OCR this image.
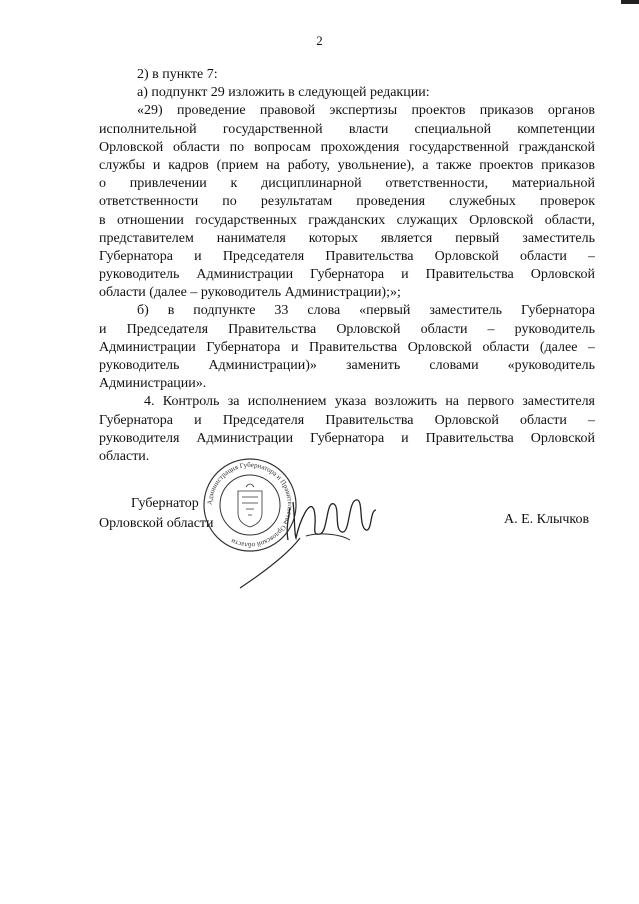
2
2) в пункте 7:
а) подпункт 29 изложить в следующей редакции:
«29) проведение правовой экспертизы проектов приказов органов
исполнительной государственной власти специальной компетенции
Орловской области по вопросам прохождения государственной гражданской
службы и кадров (прием на работу, увольнение), а также проектов приказов
о привлечении к дисциплинарной ответственности, материальной
ответственности по результатам проведения служебных проверок
в отношении государственных гражданских служащих Орловской области,
представителем нанимателя которых является первый заместитель
Губернатора и Председателя Правительства Орловской области –
руководитель Администрации Губернатора и Правительства Орловской
области (далее – руководитель Администрации);»;
б) в подпункте 33 слова «первый заместитель Губернатора
и Председателя Правительства Орловской области – руководитель
Администрации Губернатора и Правительства Орловской области (далее –
руководитель Администрации)» заменить словами «руководитель
Администрации».
4. Контроль за исполнением указа возложить на первого заместителя
Губернатора и Председателя Правительства Орловской области –
руководителя Администрации Губернатора и Правительства Орловской
области.
Администрация Губернатора и Правительства Орловской области
Губернатор
Орловской области	А. Е. Клычков
